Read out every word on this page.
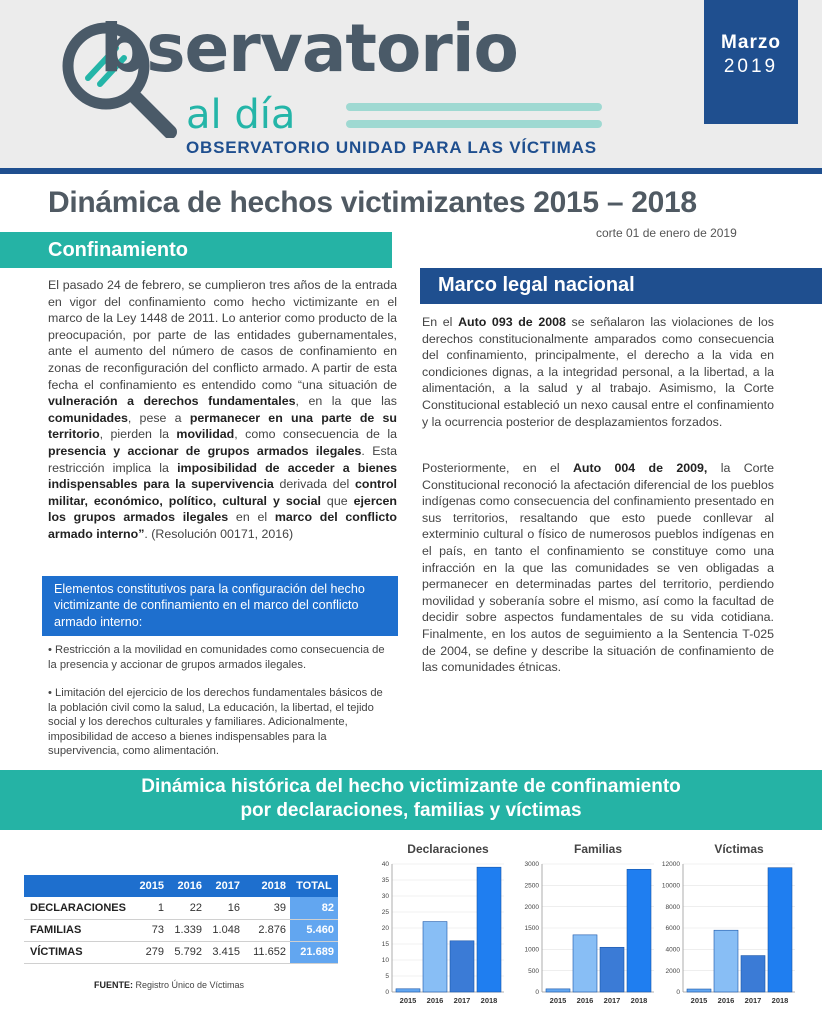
bservatorio
al día
OBSERVATORIO UNIDAD PARA LAS VÍCTIMAS
Marzo
2019
Dinámica de hechos victimizantes 2015 – 2018
corte 01 de enero de 2019
Confinamiento
El pasado 24 de febrero, se cumplieron tres años de la entrada en vigor del confinamiento como hecho victimizante en el marco de la Ley 1448 de 2011. Lo anterior como producto de la preocupación, por parte de las entidades gubernamentales, ante el aumento del número de casos de confinamiento en zonas de reconfiguración del conflicto armado. A partir de esta fecha el confinamiento es entendido como “una situación de vulneración a derechos fundamentales, en la que las comunidades, pese a permanecer en una parte de su territorio, pierden la movilidad, como consecuencia de la presencia y accionar de grupos armados ilegales. Esta restricción implica la imposibilidad de acceder a bienes indispensables para la supervivencia derivada del control militar, económico, político, cultural y social que ejercen los grupos armados ilegales en el marco del conflicto armado interno”. (Resolución 00171, 2016)
Elementos constitutivos para la configuración del hecho victimizante de confinamiento en el marco del conflicto armado interno:
• Restricción a la movilidad en comunidades como consecuencia de la presencia y accionar de grupos armados ilegales.
• Limitación del ejercicio de los derechos fundamentales básicos de la población civil como la salud, La educación, la libertad, el tejido social y los derechos culturales y familiares. Adicionalmente, imposibilidad de acceso a bienes indispensables para la supervivencia, como alimentación.
Marco legal nacional
En el Auto 093 de 2008 se señalaron las violaciones de los derechos constitucionalmente amparados como consecuencia del confinamiento, principalmente, el derecho a la vida en condiciones dignas, a la integridad personal, a la libertad, a la alimentación, a la salud y al trabajo. Asimismo, la Corte Constitucional estableció un nexo causal entre el confinamiento y la ocurrencia posterior de desplazamientos forzados.
Posteriormente, en el Auto 004 de 2009, la Corte Constitucional reconoció la afectación diferencial de los pueblos indígenas como consecuencia del confinamiento presentado en sus territorios, resaltando que esto puede conllevar al exterminio cultural o físico de numerosos pueblos indígenas en el país, en tanto el confinamiento se constituye como una infracción en la que las comunidades se ven obligadas a permanecer en determinadas partes del territorio, perdiendo movilidad y soberanía sobre el mismo, así como la facultad de decidir sobre aspectos fundamentales de su vida cotidiana. Finalmente, en los autos de seguimiento a la Sentencia T-025 de 2004, se define y describe la situación de confinamiento de las comunidades étnicas.
Dinámica histórica del hecho victimizante de confinamiento
por declaraciones, familias y víctimas
	2015	2016	2017	2018	TOTAL
DECLARACIONES	1	22	16	39	82
FAMILIAS	73	1.339	1.048	2.876	5.460
VÍCTIMAS	279	5.792	3.415	11.652	21.689
FUENTE: Registro Único de Víctimas
Declaraciones
0
5
10
15
20
25
30
35
40
2015 2016 2017 2018
Familias
0
500
1000
1500
2000
2500
3000
2015 2016 2017 2018
Víctimas
0
2000
4000
6000
8000
10000
12000
2015 2016 2017 2018
